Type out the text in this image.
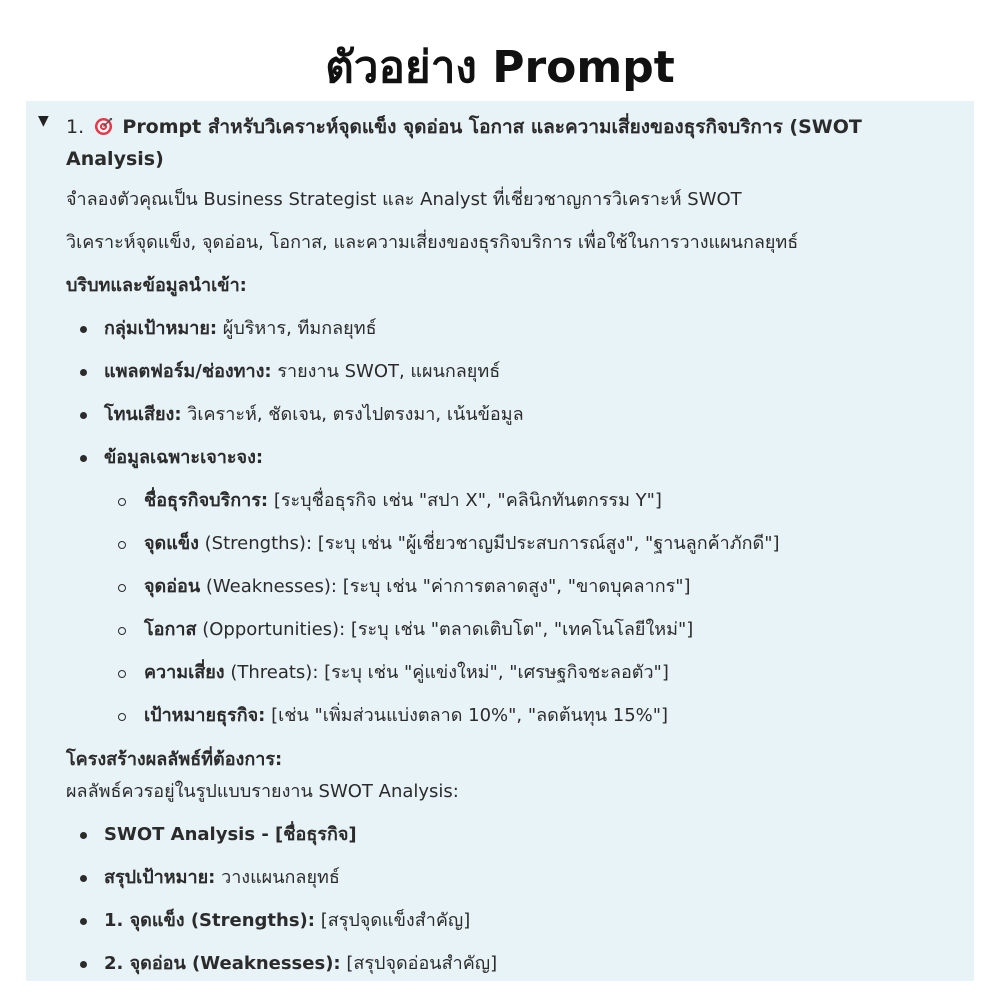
ตัวอย่าง Prompt
▼ 1. Prompt สำหรับวิเคราะห์จุดแข็ง จุดอ่อน โอกาส และความเสี่ยงของธุรกิจบริการ (SWOT
Analysis)
จำลองตัวคุณเป็น Business Strategist และ Analyst ที่เชี่ยวชาญการวิเคราะห์ SWOT
วิเคราะห์จุดแข็ง, จุดอ่อน, โอกาส, และความเสี่ยงของธุรกิจบริการ เพื่อใช้ในการวางแผนกลยุทธ์
บริบทและข้อมูลนำเข้า:
กลุ่มเป้าหมาย: ผู้บริหาร, ทีมกลยุทธ์
แพลตฟอร์ม/ช่องทาง: รายงาน SWOT, แผนกลยุทธ์
โทนเสียง: วิเคราะห์, ชัดเจน, ตรงไปตรงมา, เน้นข้อมูล
ข้อมูลเฉพาะเจาะจง:
ชื่อธุรกิจบริการ: [ระบุชื่อธุรกิจ เช่น "สปา X", "คลินิกทันตกรรม Y"]
จุดแข็ง (Strengths): [ระบุ เช่น "ผู้เชี่ยวชาญมีประสบการณ์สูง", "ฐานลูกค้าภักดี"]
จุดอ่อน (Weaknesses): [ระบุ เช่น "ค่าการตลาดสูง", "ขาดบุคลากร"]
โอกาส (Opportunities): [ระบุ เช่น "ตลาดเติบโต", "เทคโนโลยีใหม่"]
ความเสี่ยง (Threats): [ระบุ เช่น "คู่แข่งใหม่", "เศรษฐกิจชะลอตัว"]
เป้าหมายธุรกิจ: [เช่น "เพิ่มส่วนแบ่งตลาด 10%", "ลดต้นทุน 15%"]
โครงสร้างผลลัพธ์ที่ต้องการ:
ผลลัพธ์ควรอยู่ในรูปแบบรายงาน SWOT Analysis:
SWOT Analysis - [ชื่อธุรกิจ]
สรุปเป้าหมาย: วางแผนกลยุทธ์
1. จุดแข็ง (Strengths): [สรุปจุดแข็งสำคัญ]
2. จุดอ่อน (Weaknesses): [สรุปจุดอ่อนสำคัญ]
